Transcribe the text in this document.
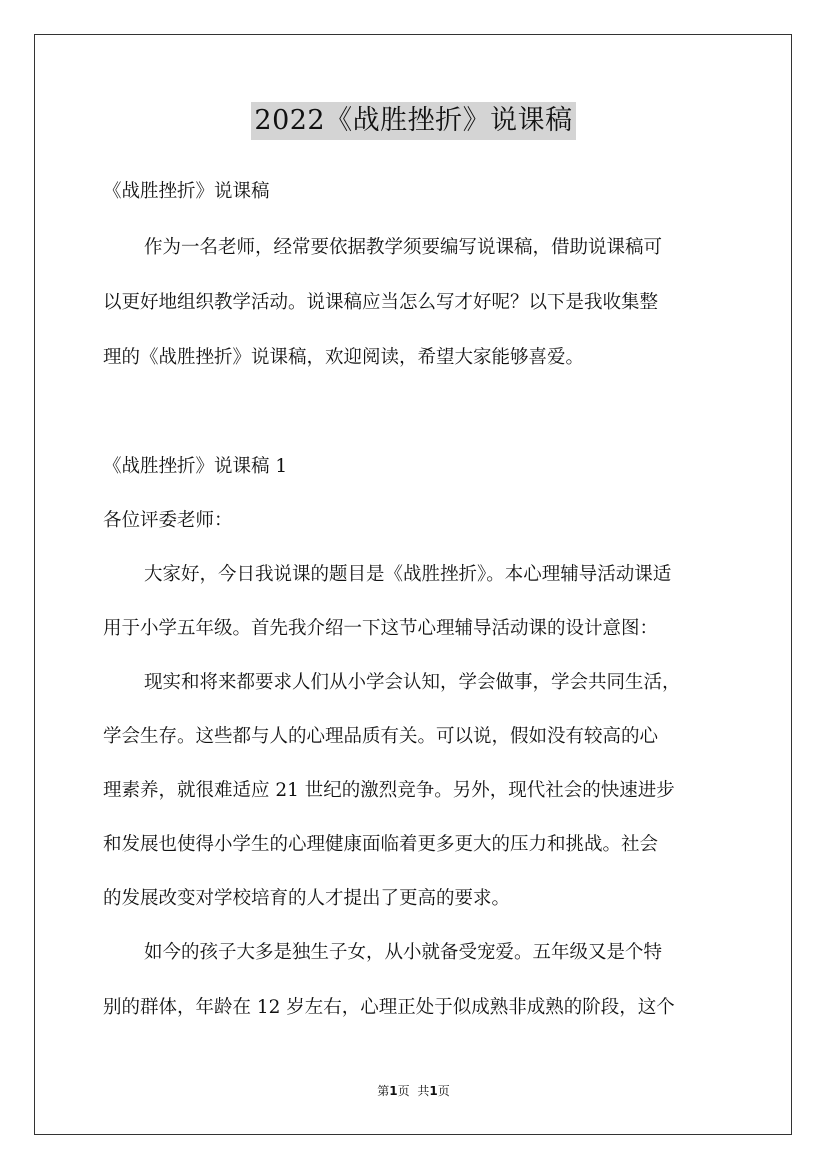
2022《战胜挫折》说课稿
《战胜挫折》说课稿
作为一名老师，经常要依据教学须要编写说课稿，借助说课稿可
以更好地组织教学活动。说课稿应当怎么写才好呢？以下是我收集整
理的《战胜挫折》说课稿，欢迎阅读，希望大家能够喜爱。
《战胜挫折》说课稿 1
各位评委老师：
大家好，今日我说课的题目是《战胜挫折》。本心理辅导活动课适
用于小学五年级。首先我介绍一下这节心理辅导活动课的设计意图：
现实和将来都要求人们从小学会认知，学会做事，学会共同生活，
学会生存。这些都与人的心理品质有关。可以说，假如没有较高的心
理素养，就很难适应 21 世纪的激烈竞争。另外，现代社会的快速进步
和发展也使得小学生的心理健康面临着更多更大的压力和挑战。社会
的发展改变对学校培育的人才提出了更高的要求。
如今的孩子大多是独生子女，从小就备受宠爱。五年级又是个特
别的群体，年龄在 12 岁左右，心理正处于似成熟非成熟的阶段，这个
第1页 共1页
